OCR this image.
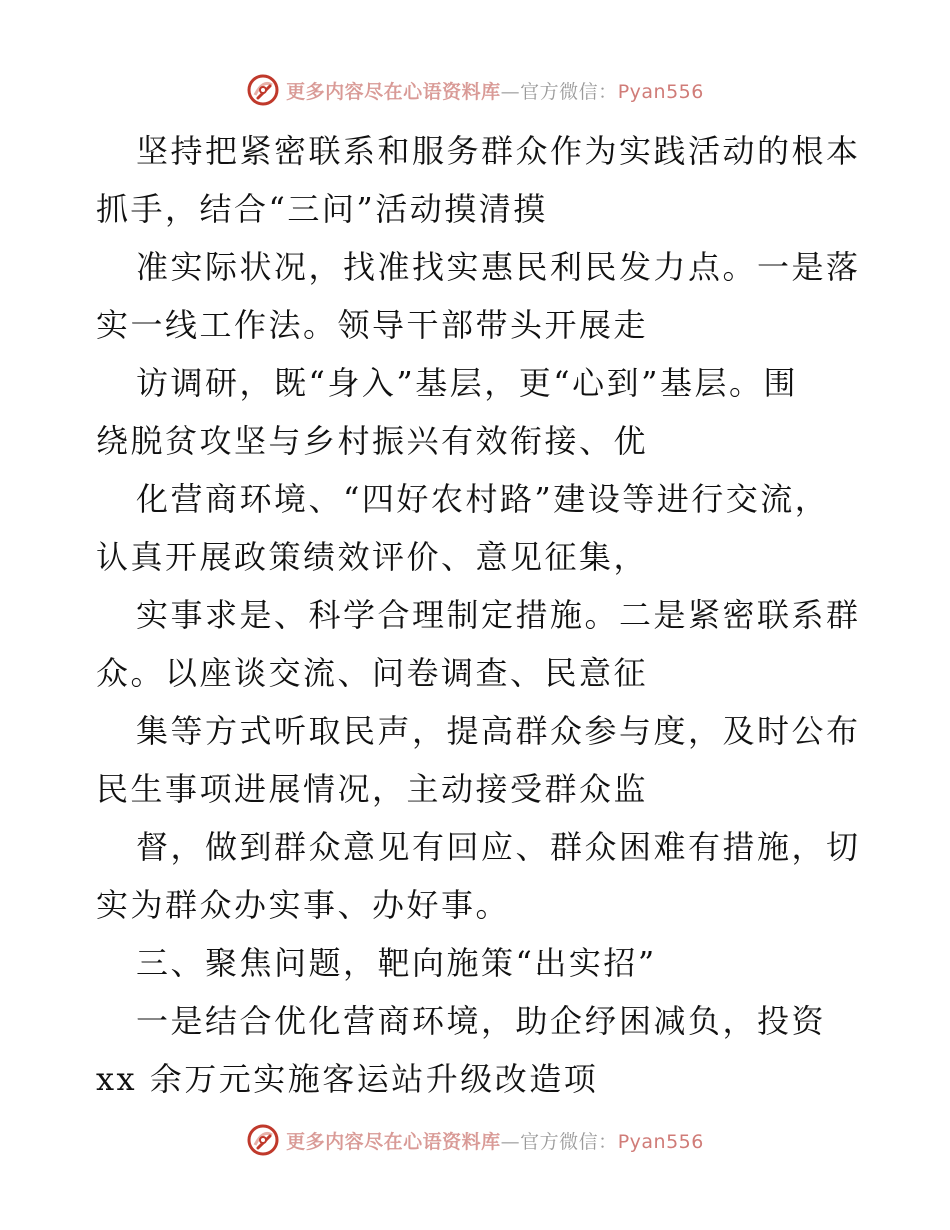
更多内容尽在心语资料库—官方微信：Pyan556

坚持把紧密联系和服务群众作为实践活动的根本
抓手，结合“三问”活动摸清摸

准实际状况，找准找实惠民利民发力点。一是落
实一线工作法。领导干部带头开展走

访调研，既“身入”基层，更“心到”基层。围
绕脱贫攻坚与乡村振兴有效衔接、优

化营商环境、“四好农村路”建设等进行交流，
认真开展政策绩效评价、意见征集，

实事求是、科学合理制定措施。二是紧密联系群
众。以座谈交流、问卷调查、民意征

集等方式听取民声，提高群众参与度，及时公布
民生事项进展情况，主动接受群众监

督，做到群众意见有回应、群众困难有措施，切
实为群众办实事、办好事。

三、聚焦问题，靶向施策“出实招”

一是结合优化营商环境，助企纾困减负，投资
xx 余万元实施客运站升级改造项

更多内容尽在心语资料库—官方微信：Pyan556
